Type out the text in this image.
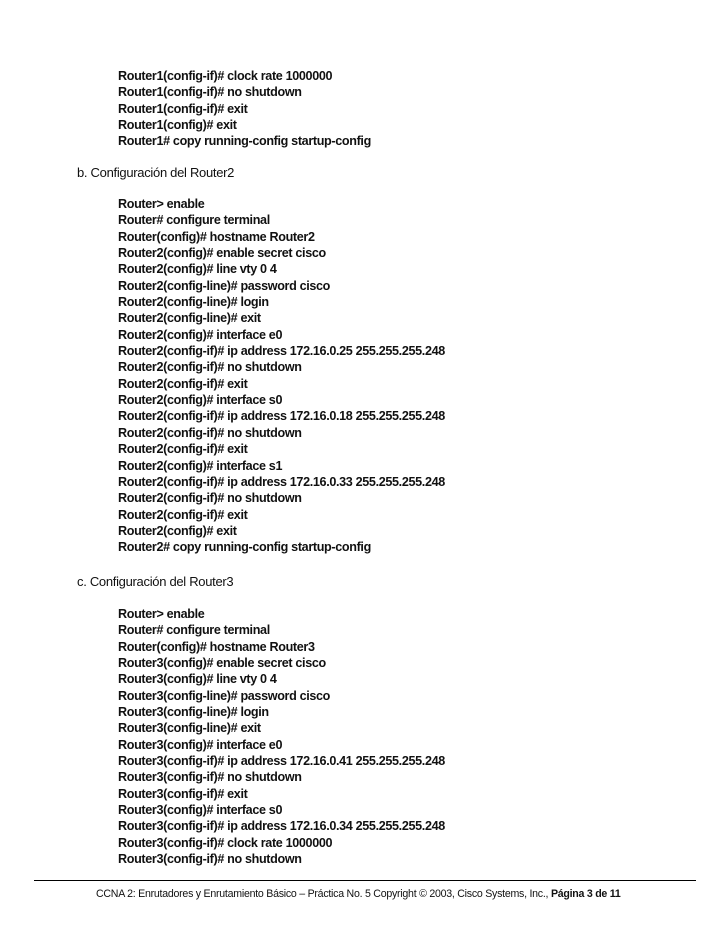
Router1(config-if)# clock rate 1000000
Router1(config-if)# no shutdown
Router1(config-if)# exit
Router1(config)# exit
Router1# copy running-config startup-config
b. Configuración del Router2
Router> enable
Router# configure terminal
Router(config)# hostname Router2
Router2(config)# enable secret cisco
Router2(config)# line vty 0 4
Router2(config-line)# password cisco
Router2(config-line)# login
Router2(config-line)# exit
Router2(config)# interface e0
Router2(config-if)# ip address 172.16.0.25 255.255.255.248
Router2(config-if)# no shutdown
Router2(config-if)# exit
Router2(config)# interface s0
Router2(config-if)# ip address 172.16.0.18 255.255.255.248
Router2(config-if)# no shutdown
Router2(config-if)# exit
Router2(config)# interface s1
Router2(config-if)# ip address 172.16.0.33 255.255.255.248
Router2(config-if)# no shutdown
Router2(config-if)# exit
Router2(config)# exit
Router2# copy running-config startup-config
c. Configuración del Router3
Router> enable
Router# configure terminal
Router(config)# hostname Router3
Router3(config)# enable secret cisco
Router3(config)# line vty 0 4
Router3(config-line)# password cisco
Router3(config-line)# login
Router3(config-line)# exit
Router3(config)# interface e0
Router3(config-if)# ip address 172.16.0.41 255.255.255.248
Router3(config-if)# no shutdown
Router3(config-if)# exit
Router3(config)# interface s0
Router3(config-if)# ip address 172.16.0.34 255.255.255.248
Router3(config-if)# clock rate 1000000
Router3(config-if)# no shutdown
CCNA 2: Enrutadores y Enrutamiento Básico – Práctica No. 5 Copyright © 2003, Cisco Systems, Inc., Página 3 de 11
